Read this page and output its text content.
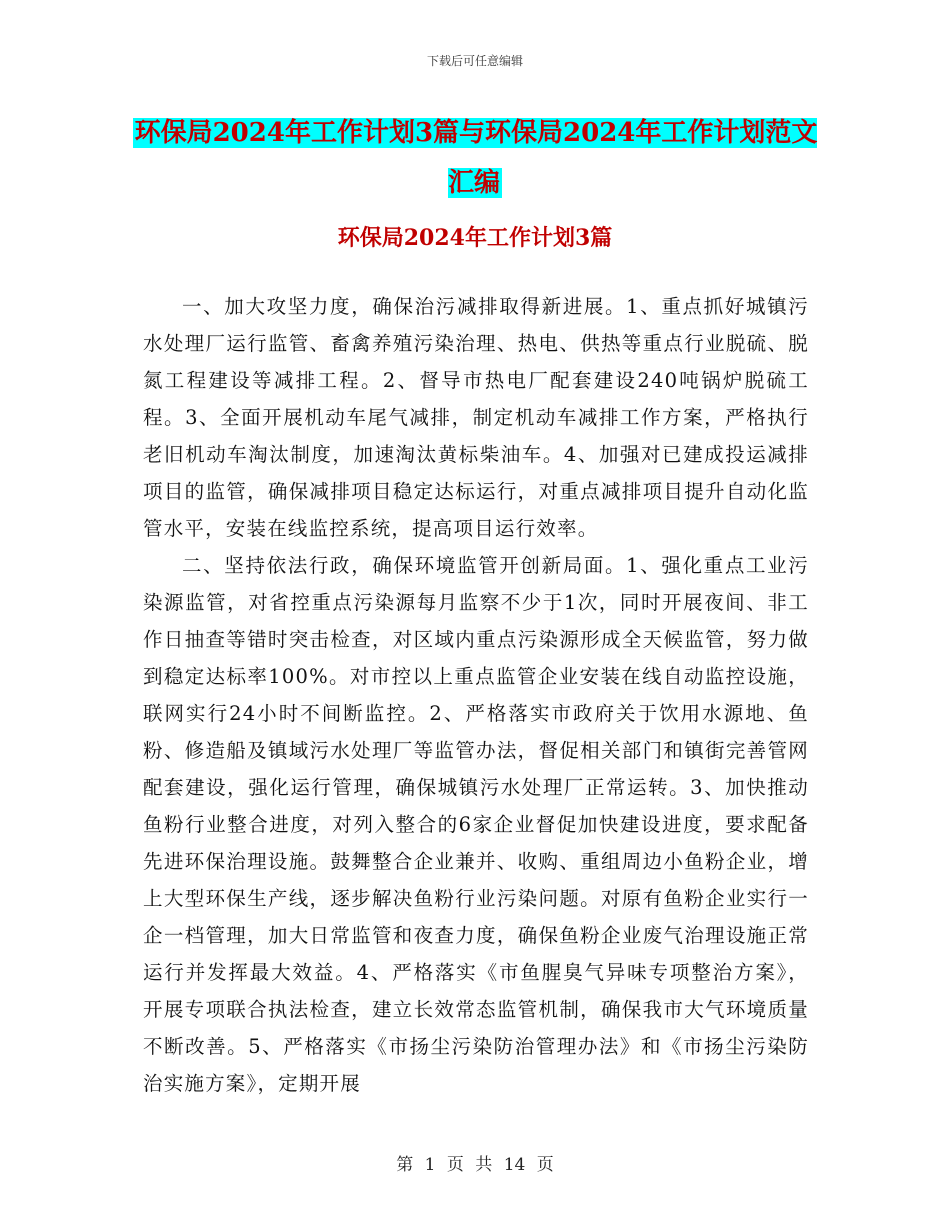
下载后可任意编辑
环保局2024年工作计划3篇与环保局2024年工作计划范文汇编
环保局2024年工作计划3篇

一、加大攻坚力度，确保治污减排取得新进展。1、重点抓好城镇污水处理厂运行监管、畜禽养殖污染治理、热电、供热等重点行业脱硫、脱氮工程建设等减排工程。2、督导市热电厂配套建设240吨锅炉脱硫工程。3、全面开展机动车尾气减排，制定机动车减排工作方案，严格执行老旧机动车淘汰制度，加速淘汰黄标柴油车。4、加强对已建成投运减排项目的监管，确保减排项目稳定达标运行，对重点减排项目提升自动化监管水平，安装在线监控系统，提高项目运行效率。

二、坚持依法行政，确保环境监管开创新局面。1、强化重点工业污染源监管，对省控重点污染源每月监察不少于1次，同时开展夜间、非工作日抽查等错时突击检查，对区域内重点污染源形成全天候监管，努力做到稳定达标率100%。对市控以上重点监管企业安装在线自动监控设施，联网实行24小时不间断监控。2、严格落实市政府关于饮用水源地、鱼粉、修造船及镇域污水处理厂等监管办法，督促相关部门和镇街完善管网配套建设，强化运行管理，确保城镇污水处理厂正常运转。3、加快推动鱼粉行业整合进度，对列入整合的6家企业督促加快建设进度，要求配备先进环保治理设施。鼓舞整合企业兼并、收购、重组周边小鱼粉企业，增上大型环保生产线，逐步解决鱼粉行业污染问题。对原有鱼粉企业实行一企一档管理，加大日常监管和夜查力度，确保鱼粉企业废气治理设施正常运行并发挥最大效益。4、严格落实《市鱼腥臭气异味专项整治方案》，开展专项联合执法检查，建立长效常态监管机制，确保我市大气环境质量不断改善。5、严格落实《市扬尘污染防治管理办法》和《市扬尘污染防治实施方案》，定期开展

第 1 页 共 14 页
